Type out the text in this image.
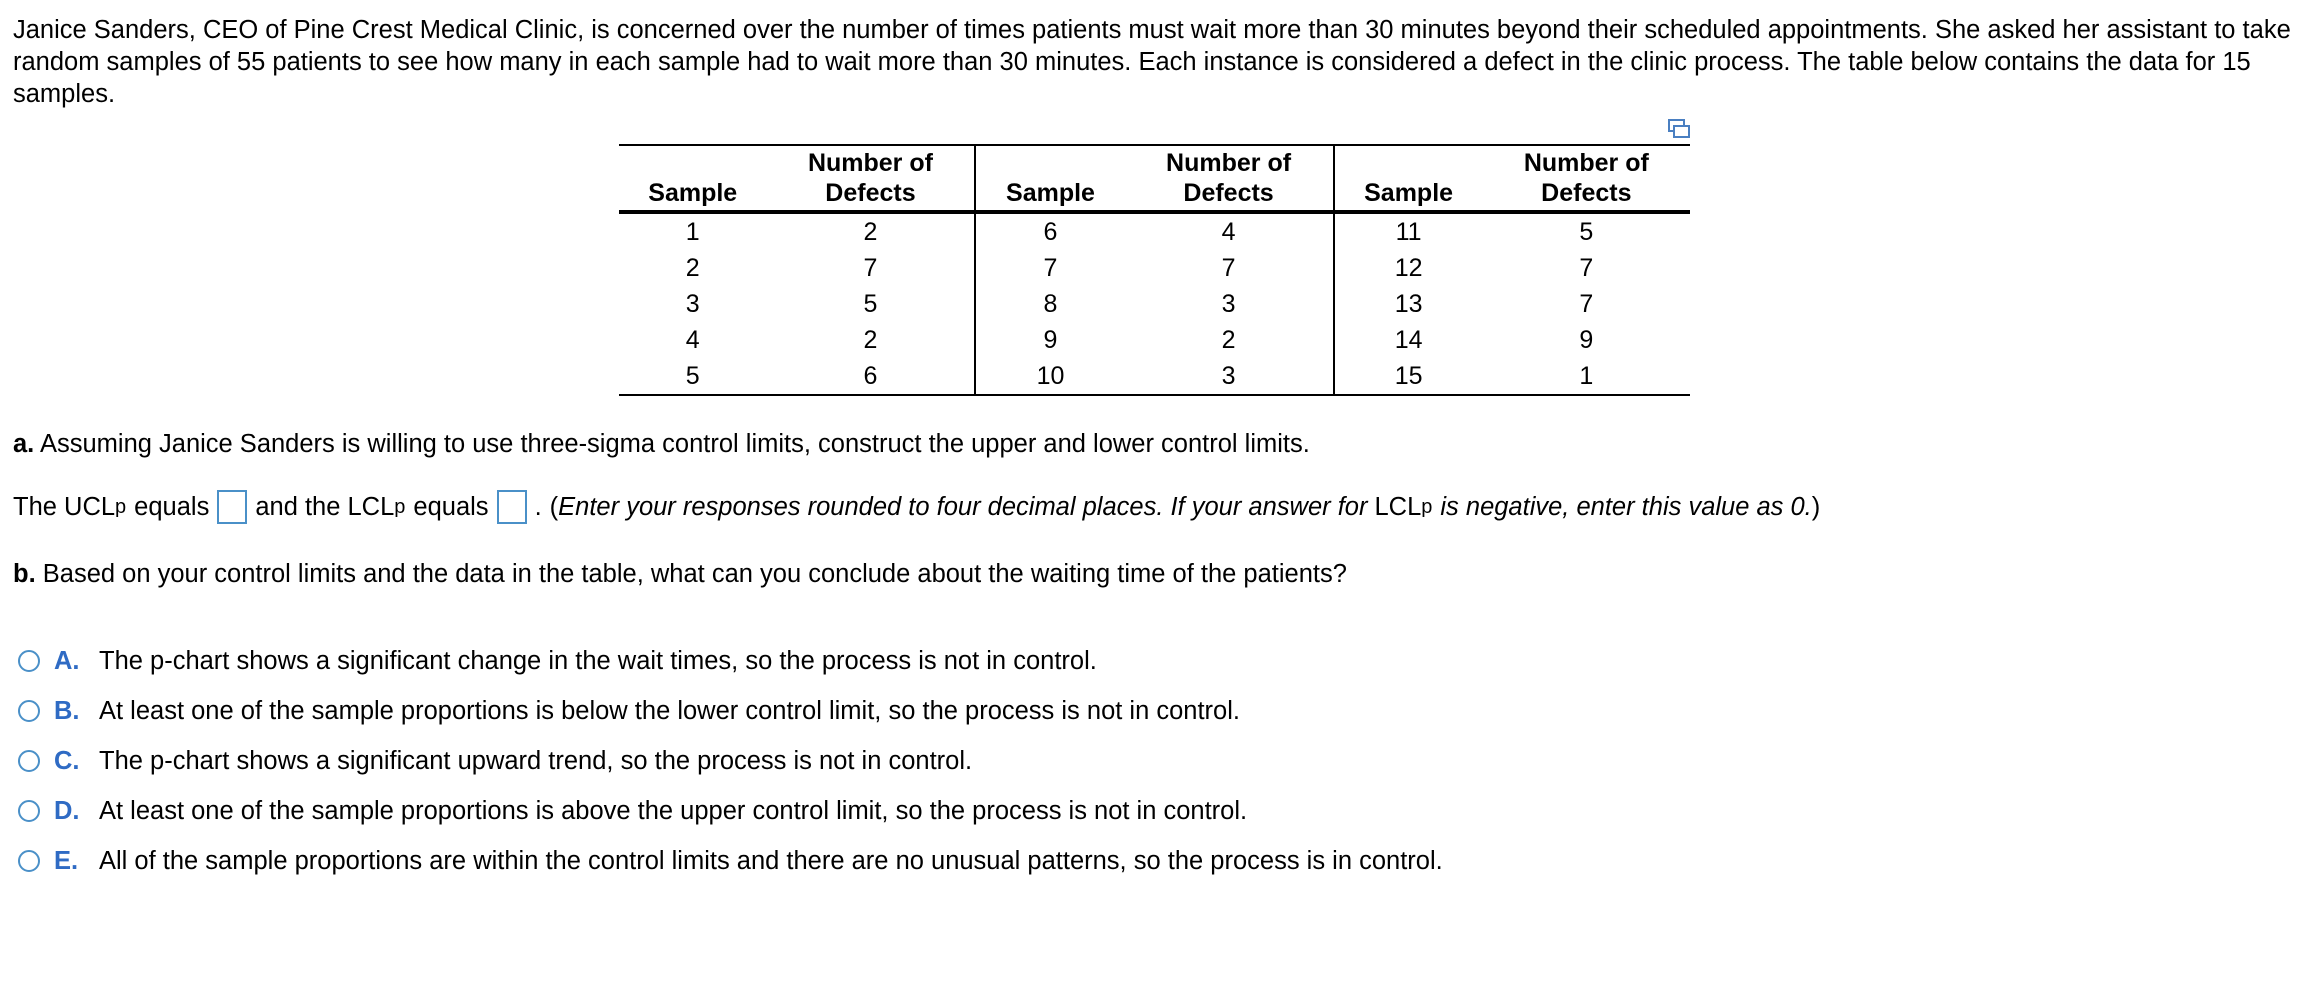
Janice Sanders, CEO of Pine Crest Medical Clinic, is concerned over the number of times patients must wait more than 30 minutes beyond their scheduled appointments. She asked her assistant to take random samples of 55 patients to see how many in each sample had to wait more than 30 minutes. Each instance is considered a defect in the clinic process. The table below contains the data for 15 samples.

	Number of		Number of		Number of
Sample	Defects	Sample	Defects	Sample	Defects
1	2	6	4	11	5
2	7	7	7	12	7
3	5	8	3	13	7
4	2	9	2	14	9
5	6	10	3	15	1

a. Assuming Janice Sanders is willing to use three-sigma control limits, construct the upper and lower control limits.

The UCL p equals and the LCL p equals . ( Enter your responses rounded to four decimal places. If your answer for LCL p is negative, enter this value as 0. )

b. Based on your control limits and the data in the table, what can you conclude about the waiting time of the patients?

A. The p-chart shows a significant change in the wait times, so the process is not in control.
B. At least one of the sample proportions is below the lower control limit, so the process is not in control.
C. The p-chart shows a significant upward trend, so the process is not in control.
D. At least one of the sample proportions is above the upper control limit, so the process is not in control.
E. All of the sample proportions are within the control limits and there are no unusual patterns, so the process is in control.
